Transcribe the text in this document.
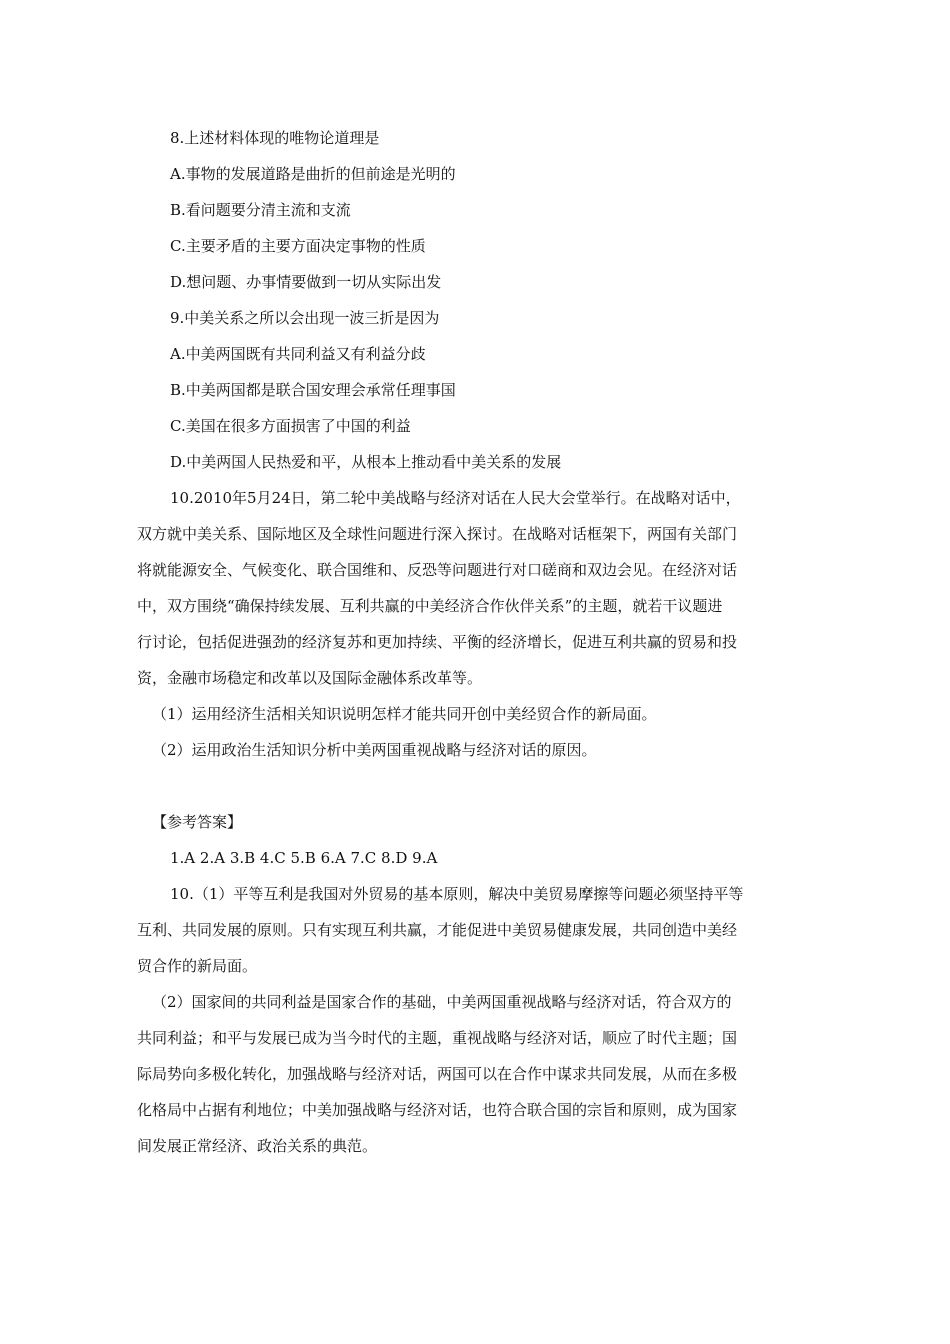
8.上述材料体现的唯物论道理是
A.事物的发展道路是曲折的但前途是光明的
B.看问题要分清主流和支流
C.主要矛盾的主要方面决定事物的性质
D.想问题、办事情要做到一切从实际出发
9.中美关系之所以会出现一波三折是因为
A.中美两国既有共同利益又有利益分歧
B.中美两国都是联合国安理会承常任理事国
C.美国在很多方面损害了中国的利益
D.中美两国人民热爱和平，从根本上推动看中美关系的发展
10.2010年5月24日，第二轮中美战略与经济对话在人民大会堂举行。在战略对话中，
双方就中美关系、国际地区及全球性问题进行深入探讨。在战略对话框架下，两国有关部门
将就能源安全、气候变化、联合国维和、反恐等问题进行对口磋商和双边会见。在经济对话
中，双方围绕“确保持续发展、互利共赢的中美经济合作伙伴关系”的主题，就若干议题进
行讨论，包括促进强劲的经济复苏和更加持续、平衡的经济增长，促进互利共赢的贸易和投
资，金融市场稳定和改革以及国际金融体系改革等。
（1）运用经济生活相关知识说明怎样才能共同开创中美经贸合作的新局面。
（2）运用政治生活知识分析中美两国重视战略与经济对话的原因。
【参考答案】
1.A 2.A 3.B 4.C 5.B 6.A 7.C 8.D 9.A
10.（1）平等互利是我国对外贸易的基本原则，解决中美贸易摩擦等问题必须坚持平等
互利、共同发展的原则。只有实现互利共赢，才能促进中美贸易健康发展，共同创造中美经
贸合作的新局面。
（2）国家间的共同利益是国家合作的基础，中美两国重视战略与经济对话，符合双方的
共同利益；和平与发展已成为当今时代的主题，重视战略与经济对话，顺应了时代主题；国
际局势向多极化转化，加强战略与经济对话，两国可以在合作中谋求共同发展，从而在多极
化格局中占据有利地位；中美加强战略与经济对话，也符合联合国的宗旨和原则，成为国家
间发展正常经济、政治关系的典范。
